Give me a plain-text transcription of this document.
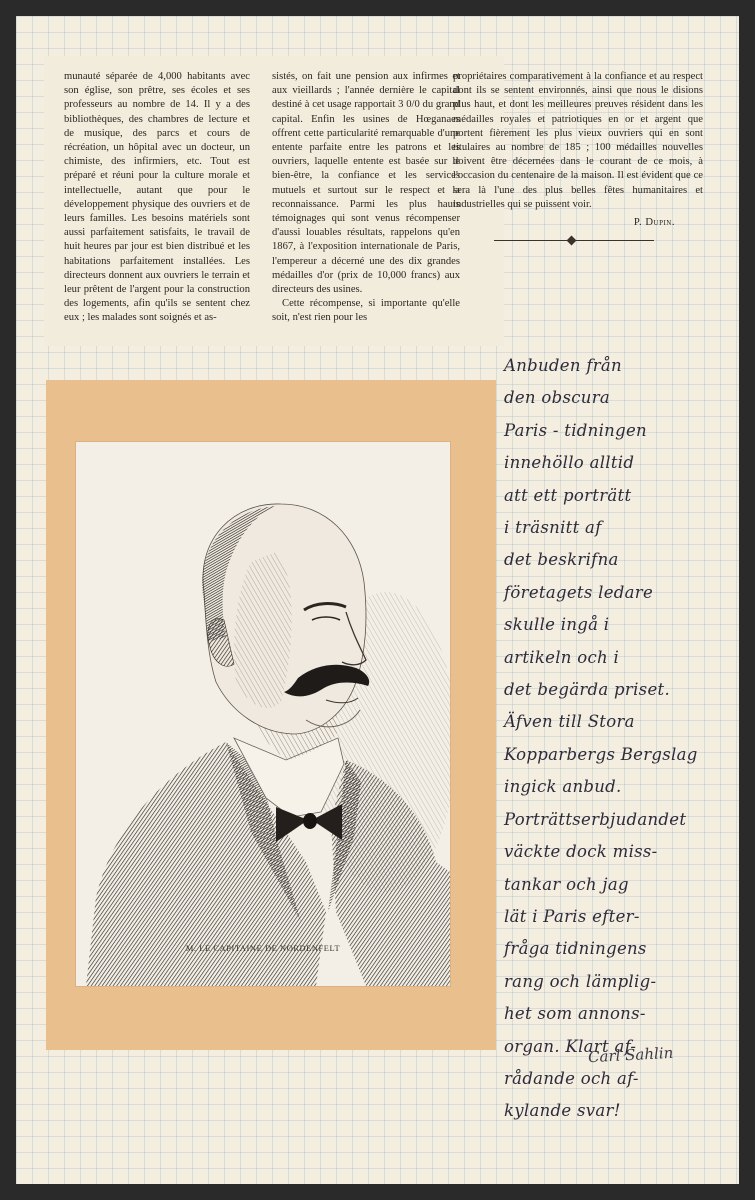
munauté séparée de 4,000 habitants avec son église, son prêtre, ses écoles et ses professeurs au nombre de 14. Il y a des bibliothèques, des chambres de lecture et de musique, des parcs et cours de récréation, un hôpital avec un docteur, un chimiste, des infirmiers, etc. Tout est préparé et réuni pour la culture morale et intellectuelle, autant que pour le développement physique des ouvriers et de leurs familles. Les besoins matériels sont aussi parfaitement satisfaits, le travail de huit heures par jour est bien distribué et les habitations parfaitement installées. Les directeurs donnent aux ouvriers le terrain et leur prêtent de l'argent pour la construction des logements, afin qu'ils se sentent chez eux ; les malades sont soignés et as-

sistés, on fait une pension aux infirmes et aux vieillards ; l'année dernière le capital destiné à cet usage rapportait 3 0/0 du grand capital. Enfin les usines de Hœganaes offrent cette particularité remarquable d'une entente parfaite entre les patrons et les ouvriers, laquelle entente est basée sur le bien-être, la confiance et les services mutuels et surtout sur le respect et la reconnaissance. Parmi les plus hauts témoignages qui sont venus récompenser d'aussi louables résultats, rappelons qu'en 1867, à l'exposition internationale de Paris, l'empereur a décerné une des dix grandes médailles d'or (prix de 10,000 francs) aux directeurs des usines.

Cette récompense, si importante qu'elle soit, n'est rien pour les

propriétaires comparativement à la confiance et au respect dont ils se sentent environnés, ainsi que nous le disions plus haut, et dont les meilleures preuves résident dans les médailles royales et patriotiques en or et argent que portent fièrement les plus vieux ouvriers qui en sont titulaires au nombre de 185 ; 100 médailles nouvelles doivent être décernées dans le courant de ce mois, à l'occasion du centenaire de la maison. Il est évident que ce sera là l'une des plus belles fêtes humanitaires et industrielles qui se puissent voir.

P. Dupin.

M. LE CAPITAINE DE NORDENFELT
Anbuden från
den obscura
Paris - tidningen
innehöllo alltid
att ett porträtt
i träsnitt af
det beskrifna
företagets ledare
skulle ingå i
artikeln och i
det begärda priset.
Äfven till Stora
Kopparbergs Bergslag
ingick anbud.
Porträttserbjudandet
väckte dock miss-
tankar och jag
lät i Paris efter-
fråga tidningens
rang och lämplig-
het som annons-
organ. Klart af-
rådande och af-
kylande svar!
Carl Sahlin
